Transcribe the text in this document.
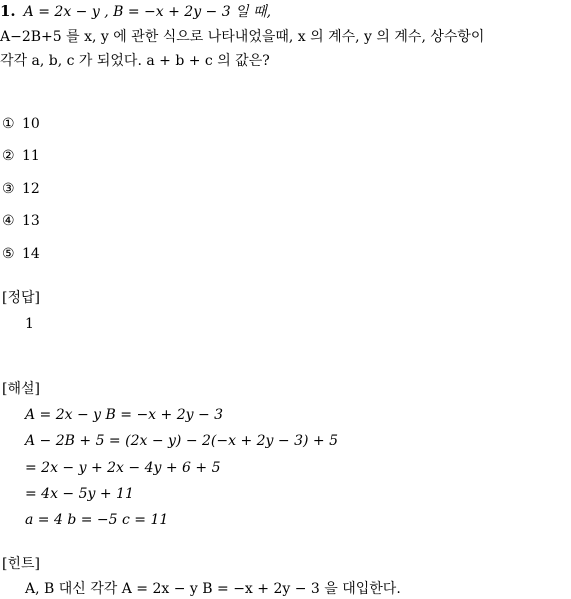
1. A = 2x − y , B = −x + 2y − 3 일 때,
A−2B+5 를 x, y 에 관한 식으로 나타내었을때, x 의 계수, y 의 계수, 상수항이
각각 a, b, c 가 되었다. a + b + c 의 값은?
① 10
② 11
③ 12
④ 13
⑤ 14
[정답]
1
[해설]
A = 2x − y B = −x + 2y − 3
A − 2B + 5 = (2x − y) − 2(−x + 2y − 3) + 5
= 2x − y + 2x − 4y + 6 + 5
= 4x − 5y + 11
a = 4 b = −5 c = 11
[힌트]
A, B 대신 각각 A = 2x − y B = −x + 2y − 3 을 대입한다.
